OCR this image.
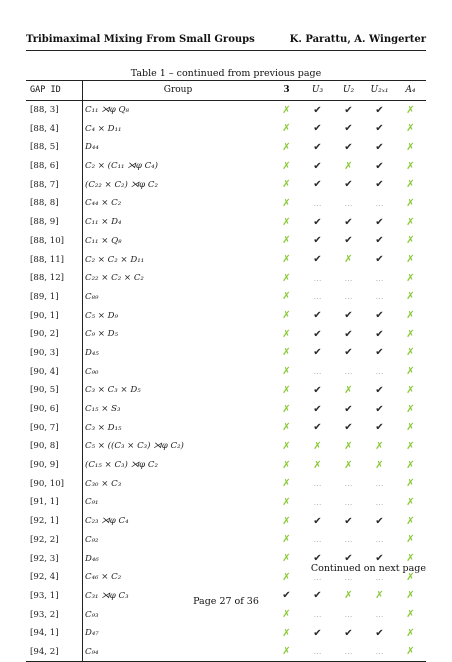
Tribimaximal Mixing From Small Groups	K. Parattu, A. Wingerter
Table 1 – continued from previous page
GAP ID	Group	3	U₃	U₂	U₂ₓ₁	A₄
[88, 3]	C₁₁ ⋊φ Q₈	✗	✔	✔	✔	✗
[88, 4]	C₄ × D₁₁	✗	✔	✔	✔	✗
[88, 5]	D₄₄	✗	✔	✔	✔	✗
[88, 6]	C₂ × (C₁₁ ⋊φ C₄)	✗	✔	✗	✔	✗
[88, 7]	(C₂₂ × C₂) ⋊φ C₂	✗	✔	✔	✔	✗
[88, 8]	C₄₄ × C₂	✗	…	…	…	✗
[88, 9]	C₁₁ × D₄	✗	✔	✔	✔	✗
[88, 10]	C₁₁ × Q₈	✗	✔	✔	✔	✗
[88, 11]	C₂ × C₂ × D₁₁	✗	✔	✗	✔	✗
[88, 12]	C₂₂ × C₂ × C₂	✗	…	…	…	✗
[89, 1]	C₈₉	✗	…	…	…	✗
[90, 1]	C₅ × D₉	✗	✔	✔	✔	✗
[90, 2]	C₉ × D₅	✗	✔	✔	✔	✗
[90, 3]	D₄₅	✗	✔	✔	✔	✗
[90, 4]	C₉₀	✗	…	…	…	✗
[90, 5]	C₃ × C₃ × D₅	✗	✔	✗	✔	✗
[90, 6]	C₁₅ × S₃	✗	✔	✔	✔	✗
[90, 7]	C₃ × D₁₅	✗	✔	✔	✔	✗
[90, 8]	C₅ × ((C₃ × C₃) ⋊φ C₂)	✗	✗	✗	✗	✗
[90, 9]	(C₁₅ × C₃) ⋊φ C₂	✗	✗	✗	✗	✗
[90, 10]	C₃₀ × C₃	✗	…	…	…	✗
[91, 1]	C₉₁	✗	…	…	…	✗
[92, 1]	C₂₃ ⋊φ C₄	✗	✔	✔	✔	✗
[92, 2]	C₉₂	✗	…	…	…	✗
[92, 3]	D₄₆	✗	✔	✔	✔	✗
[92, 4]	C₄₆ × C₂	✗	…	…	…	✗
[93, 1]	C₃₁ ⋊φ C₃	✔	✔	✗	✗	✗
[93, 2]	C₉₃	✗	…	…	…	✗
[94, 1]	D₄₇	✗	✔	✔	✔	✗
[94, 2]	C₉₄	✗	…	…	…	✗
Continued on next page
Page 27 of 36
